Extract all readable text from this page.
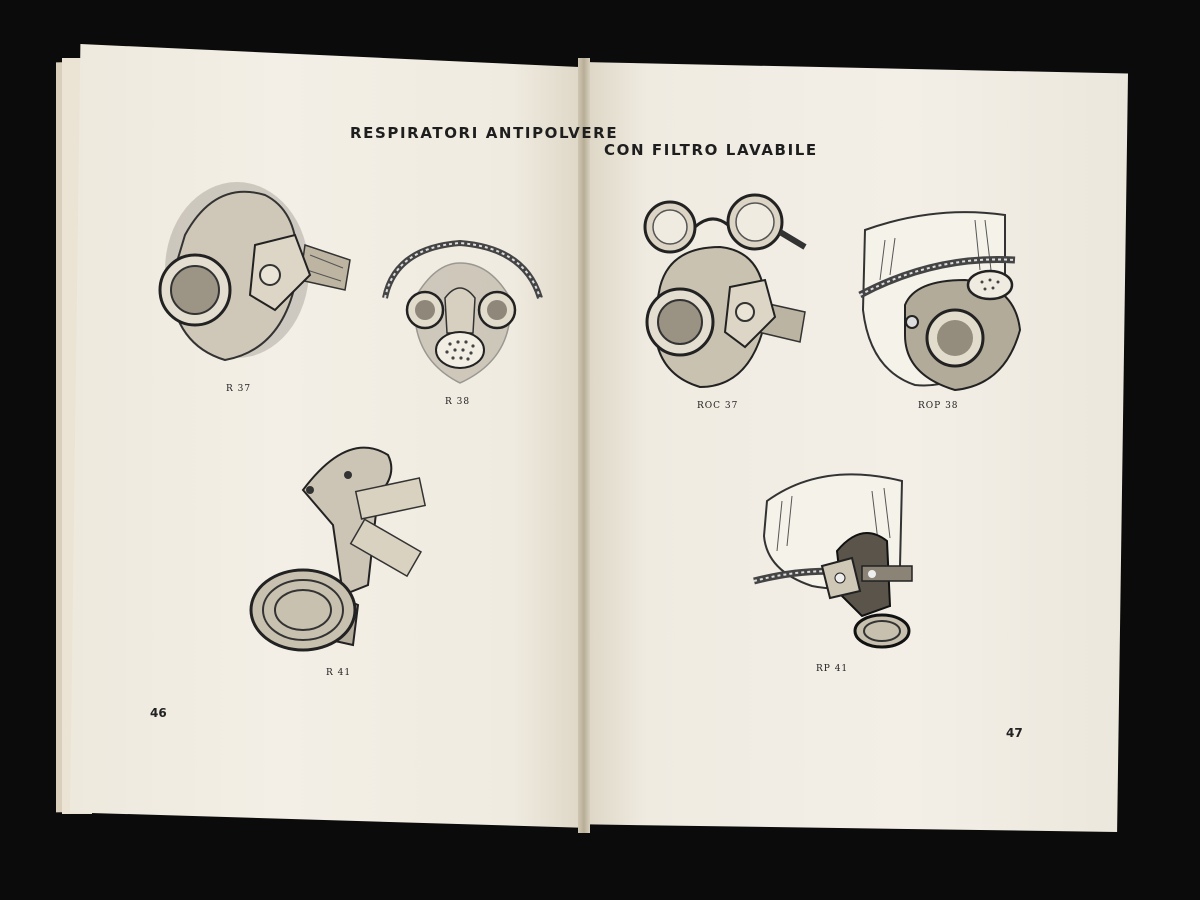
RESPIRATORI ANTIPOLVERE
CON FILTRO LAVABILE
R 37
R 38
R 41
46
ROC 37	ROP 38
RP 41
47
